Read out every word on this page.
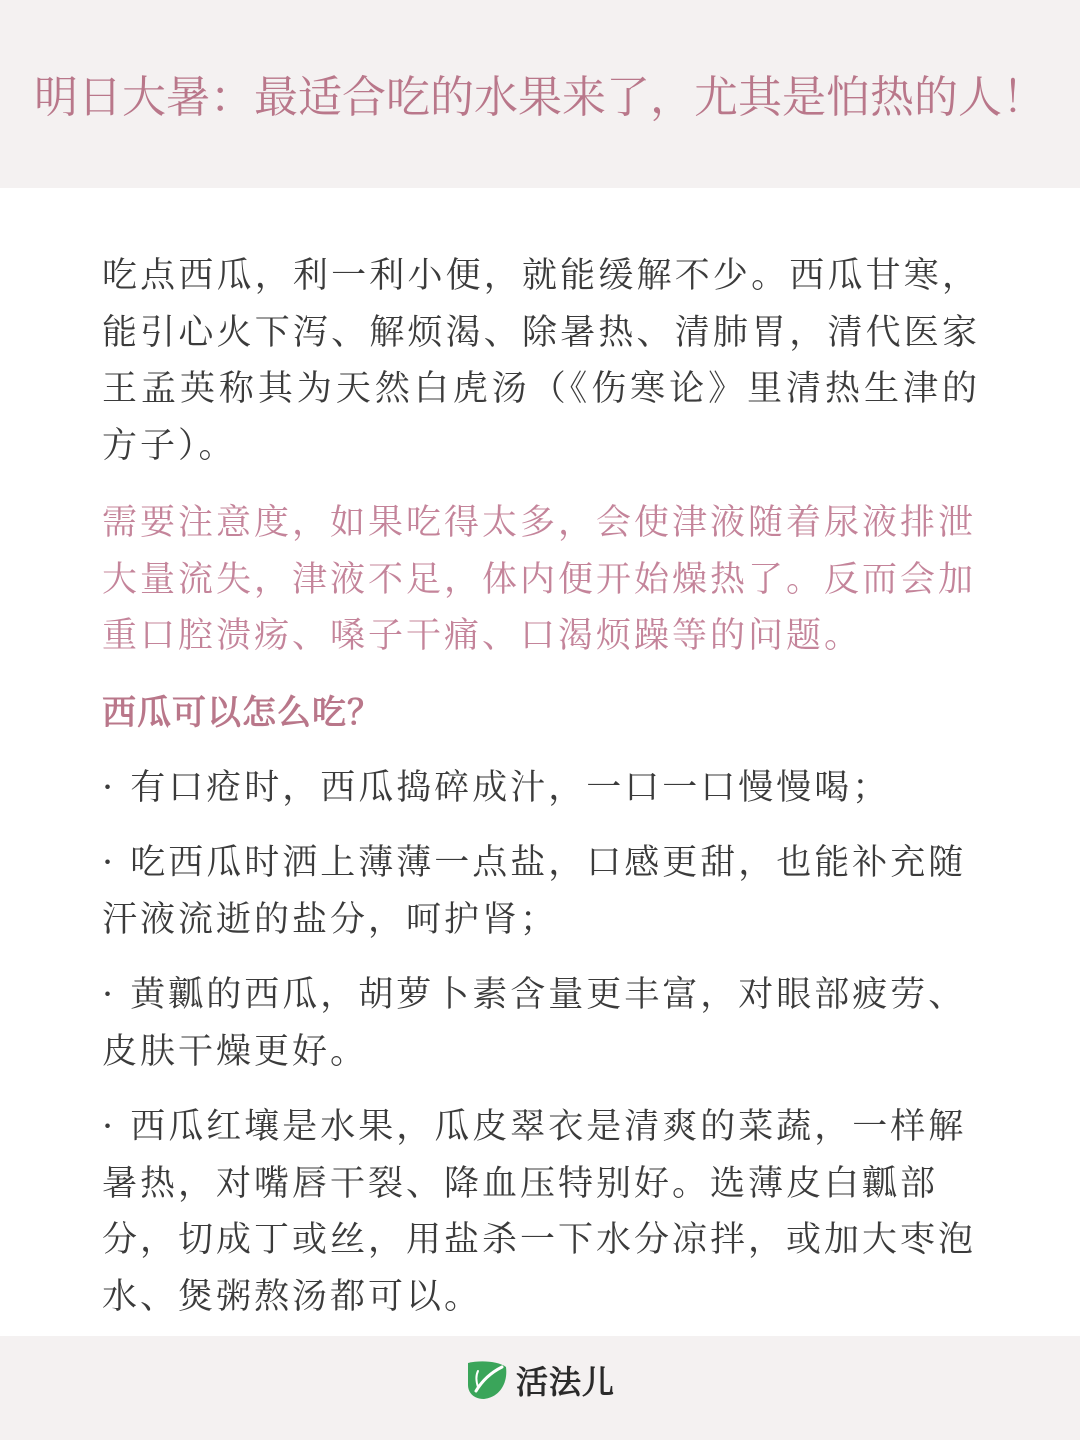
明日大暑：最适合吃的水果来了，尤其是怕热的人！

吃点西瓜，利一利小便，就能缓解不少。西瓜甘寒，能引心火下泻、解烦渴、除暑热、清肺胃，清代医家王孟英称其为天然白虎汤（《伤寒论》里清热生津的方子）。

需要注意度，如果吃得太多，会使津液随着尿液排泄大量流失，津液不足，体内便开始燥热了。反而会加重口腔溃疡、嗓子干痛、口渴烦躁等的问题。

西瓜可以怎么吃？

· 有口疮时，西瓜捣碎成汁，一口一口慢慢喝；

· 吃西瓜时洒上薄薄一点盐，口感更甜，也能补充随汗液流逝的盐分，呵护肾；

· 黄瓤的西瓜，胡萝卜素含量更丰富，对眼部疲劳、皮肤干燥更好。

· 西瓜红壤是水果，瓜皮翠衣是清爽的菜蔬，一样解暑热，对嘴唇干裂、降血压特别好。选薄皮白瓤部分，切成丁或丝，用盐杀一下水分凉拌，或加大枣泡水、煲粥熬汤都可以。

活法儿
